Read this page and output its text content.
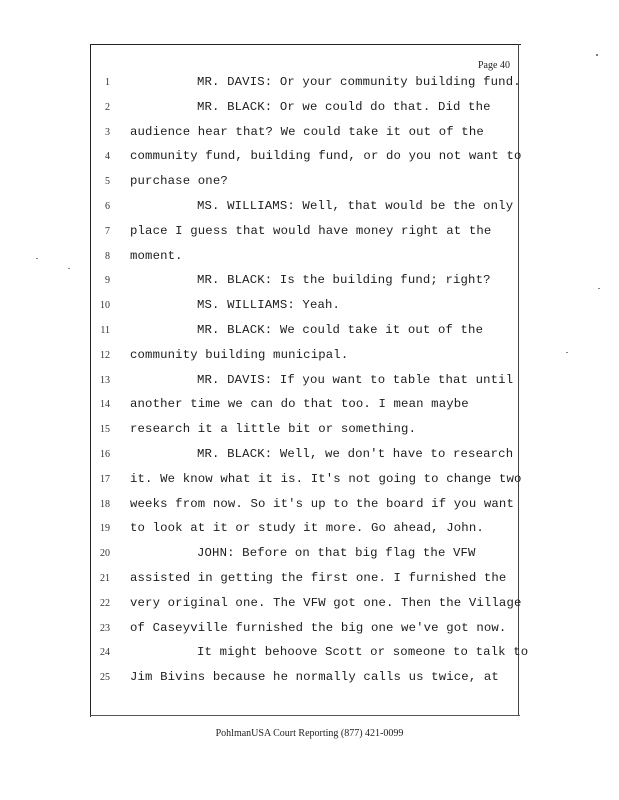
Page 40
1	MR. DAVIS: Or your community building fund.
2	MR. BLACK: Or we could do that. Did the
3 audience hear that? We could take it out of the
4 community fund, building fund, or do you not want to
5 purchase one?
6	MS. WILLIAMS: Well, that would be the only
7 place I guess that would have money right at the
8 moment.
9	MR. BLACK: Is the building fund; right?
10	MS. WILLIAMS: Yeah.
11	MR. BLACK: We could take it out of the
12 community building municipal.
13	MR. DAVIS: If you want to table that until
14 another time we can do that too. I mean maybe
15 research it a little bit or something.
16	MR. BLACK: Well, we don't have to research
17 it. We know what it is. It's not going to change two
18 weeks from now. So it's up to the board if you want
19 to look at it or study it more. Go ahead, John.
20	JOHN: Before on that big flag the VFW
21 assisted in getting the first one. I furnished the
22 very original one. The VFW got one. Then the Village
23 of Caseyville furnished the big one we've got now.
24	It might behoove Scott or someone to talk to
25 Jim Bivins because he normally calls us twice, at
PohlmanUSA Court Reporting (877) 421-0099
